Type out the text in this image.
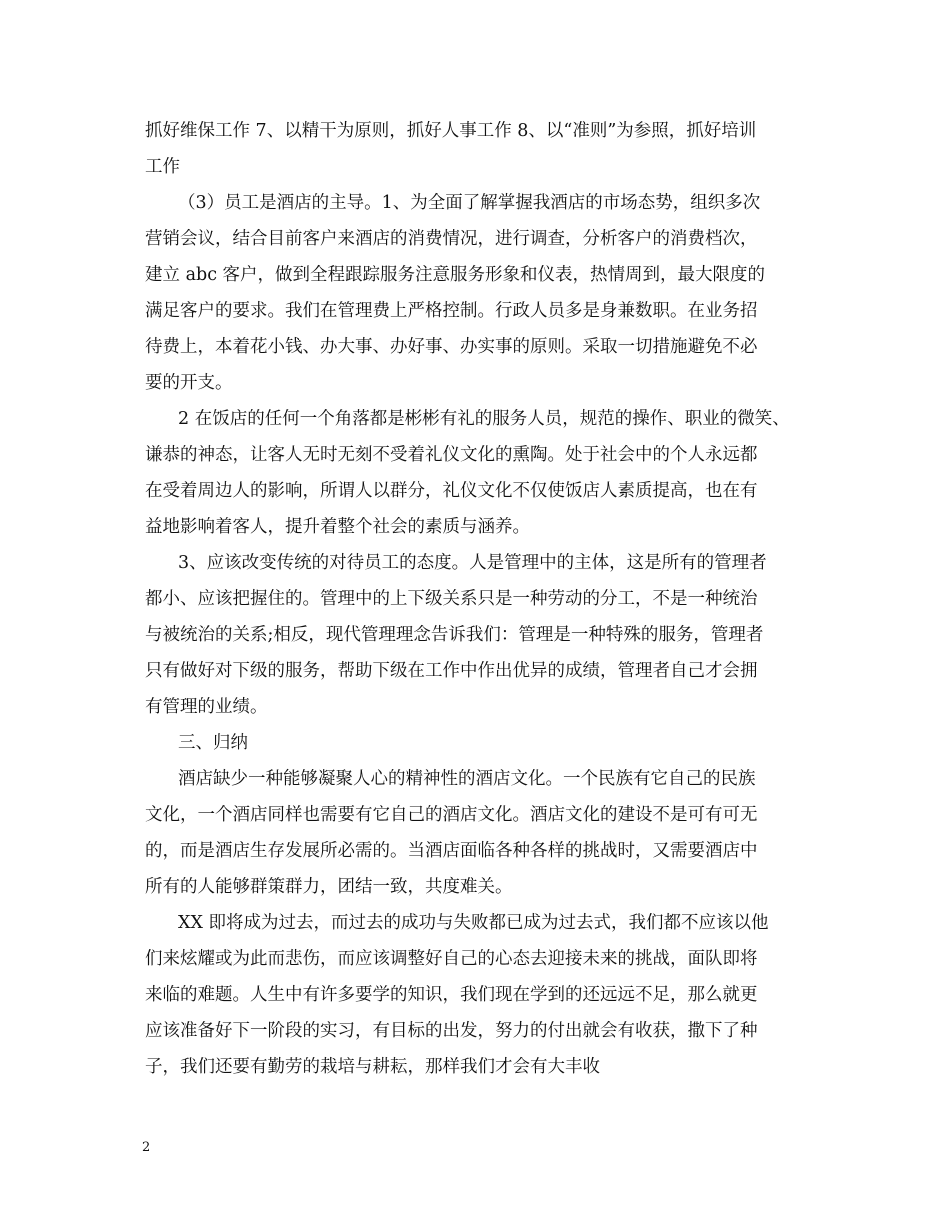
抓好维保工作 7、以精干为原则，抓好人事工作 8、以“准则”为参照，抓好培训
工作
（3）员工是酒店的主导。1、为全面了解掌握我酒店的市场态势，组织多次
营销会议，结合目前客户来酒店的消费情况，进行调查，分析客户的消费档次，
建立 abc 客户，做到全程跟踪服务注意服务形象和仪表，热情周到，最大限度的
满足客户的要求。我们在管理费上严格控制。行政人员多是身兼数职。在业务招
待费上，本着花小钱、办大事、办好事、办实事的原则。采取一切措施避免不必
要的开支。
2 在饭店的任何一个角落都是彬彬有礼的服务人员，规范的操作、职业的微笑、
谦恭的神态，让客人无时无刻不受着礼仪文化的熏陶。处于社会中的个人永远都
在受着周边人的影响，所谓人以群分，礼仪文化不仅使饭店人素质提高，也在有
益地影响着客人，提升着整个社会的素质与涵养。
3、应该改变传统的对待员工的态度。人是管理中的主体，这是所有的管理者
都小、应该把握住的。管理中的上下级关系只是一种劳动的分工，不是一种统治
与被统治的关系;相反，现代管理理念告诉我们：管理是一种特殊的服务，管理者
只有做好对下级的服务，帮助下级在工作中作出优异的成绩，管理者自己才会拥
有管理的业绩。
三、归纳
酒店缺少一种能够凝聚人心的精神性的酒店文化。一个民族有它自己的民族
文化，一个酒店同样也需要有它自己的酒店文化。酒店文化的建设不是可有可无
的，而是酒店生存发展所必需的。当酒店面临各种各样的挑战时，又需要酒店中
所有的人能够群策群力，团结一致，共度难关。
XX 即将成为过去，而过去的成功与失败都已成为过去式，我们都不应该以他
们来炫耀或为此而悲伤，而应该调整好自己的心态去迎接未来的挑战，面队即将
来临的难题。人生中有许多要学的知识，我们现在学到的还远远不足，那么就更
应该准备好下一阶段的实习，有目标的出发，努力的付出就会有收获，撒下了种
子，我们还要有勤劳的栽培与耕耘，那样我们才会有大丰收
2
